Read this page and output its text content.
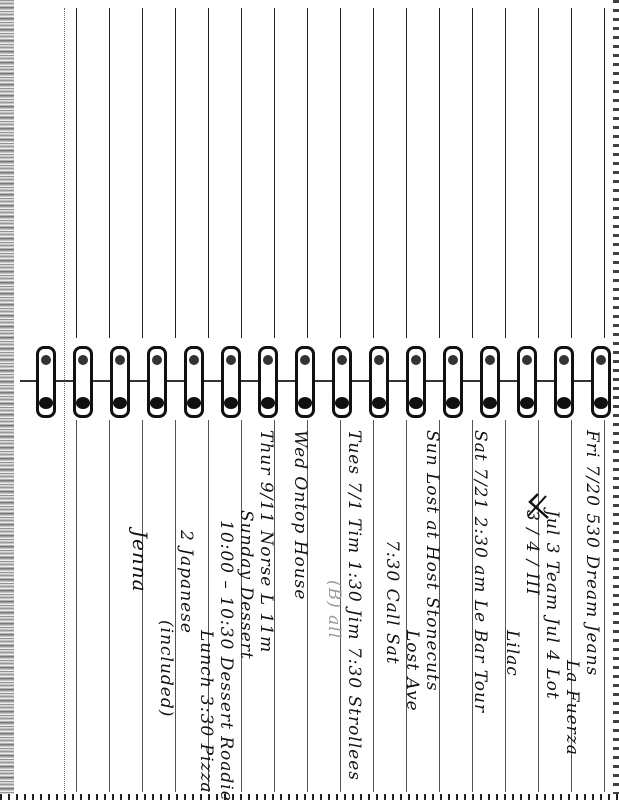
Fri 7/20 530 Dream Jeans
La Fuerza
Jul 3 Team Jul 4 Lot
3 / 4 / III
Lilac
Sat 7/21 2:30 am Le Bar Tour
Sun Lost at Host Stonecuts
Lost Ave
7:30 Call Sat
Tues 7/1 Tim 1:30 Jim 7:30 Strollees
(B) all
Wed Ontop House
Thur 9/11 Norse L 11m
Sunday Dessert
10:00 – 10:30 Dessert Roadie
Lunch 3:30 Pizza
2 Japanese
(included)
Jenna
